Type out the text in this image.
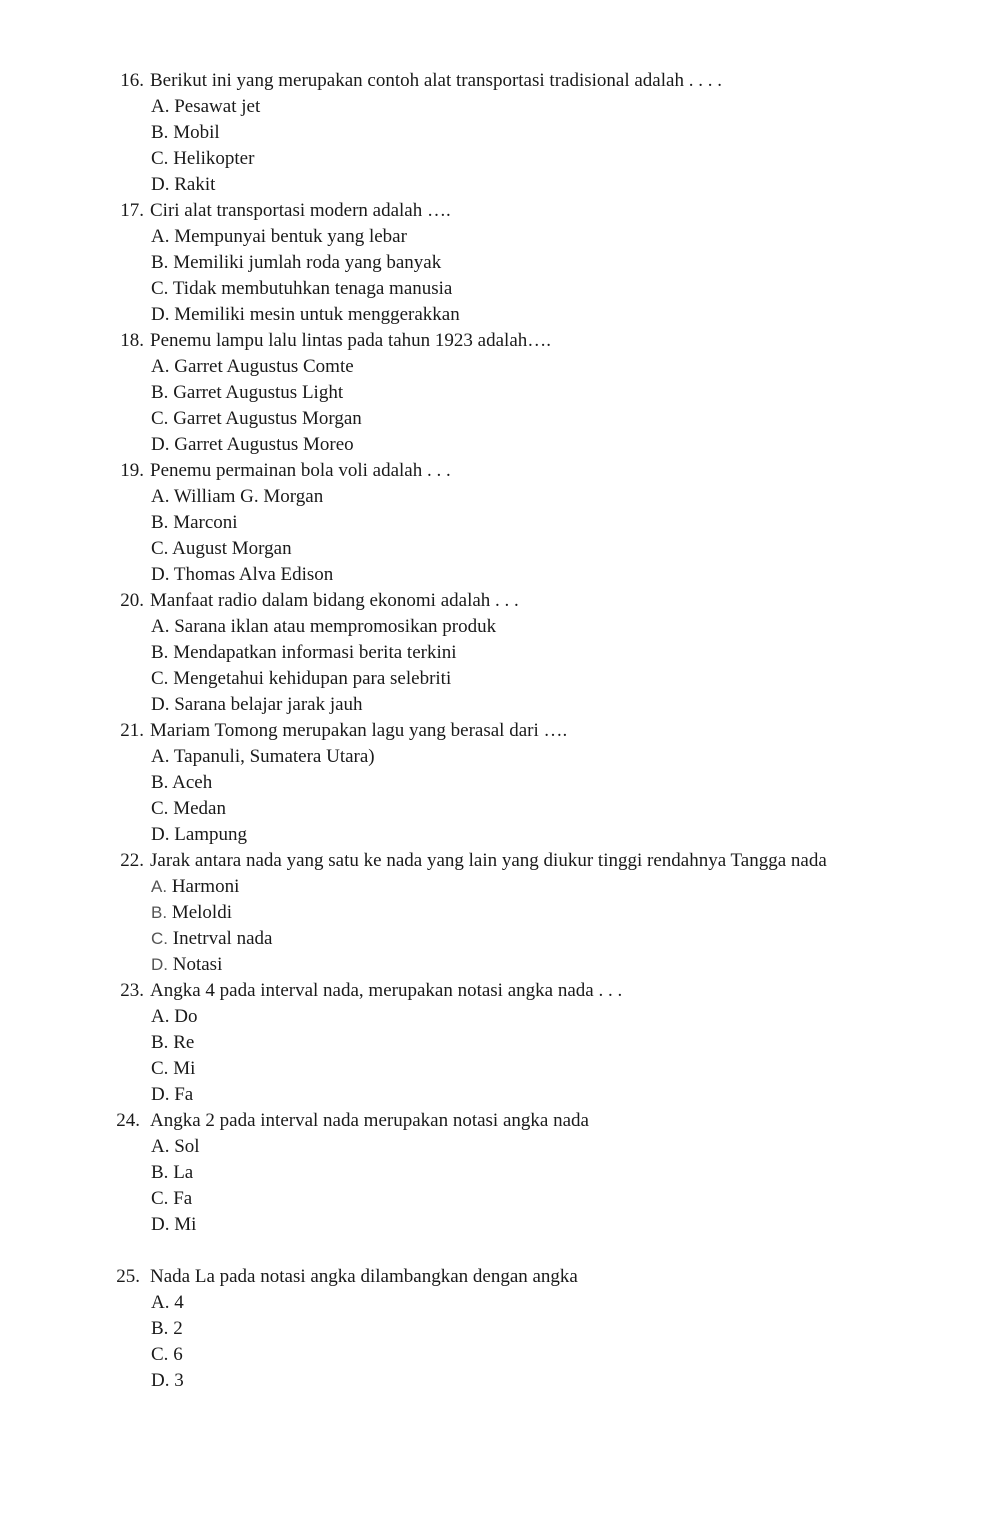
16. Berikut ini yang merupakan contoh alat transportasi tradisional adalah . . . .
A. Pesawat jet
B. Mobil
C. Helikopter
D. Rakit
17. Ciri alat transportasi modern adalah ….
A. Mempunyai bentuk yang lebar
B. Memiliki jumlah roda yang banyak
C. Tidak membutuhkan tenaga manusia
D. Memiliki mesin untuk menggerakkan
18. Penemu lampu lalu lintas pada tahun 1923 adalah….
A. Garret Augustus Comte
B. Garret Augustus Light
C. Garret Augustus Morgan
D. Garret Augustus Moreo
19. Penemu permainan bola voli adalah . . .
A. William G. Morgan
B. Marconi
C. August Morgan
D. Thomas Alva Edison
20. Manfaat radio dalam bidang ekonomi adalah . . .
A. Sarana iklan atau mempromosikan produk
B. Mendapatkan informasi berita terkini
C. Mengetahui kehidupan para selebriti
D. Sarana belajar jarak jauh
21. Mariam Tomong merupakan lagu yang berasal dari ….
A. Tapanuli, Sumatera Utara)
B. Aceh
C. Medan
D. Lampung
22. Jarak antara nada yang satu ke nada yang lain yang diukur tinggi rendahnya Tangga nada
A. Harmoni
B. Meloldi
C. Inetrval nada
D. Notasi
23. Angka 4 pada interval nada, merupakan notasi angka nada . . .
A. Do
B. Re
C. Mi
D. Fa
24. Angka 2 pada interval nada merupakan notasi angka nada
A. Sol
B. La
C. Fa
D. Mi
25. Nada La pada notasi angka dilambangkan dengan angka
A. 4
B. 2
C. 6
D. 3
